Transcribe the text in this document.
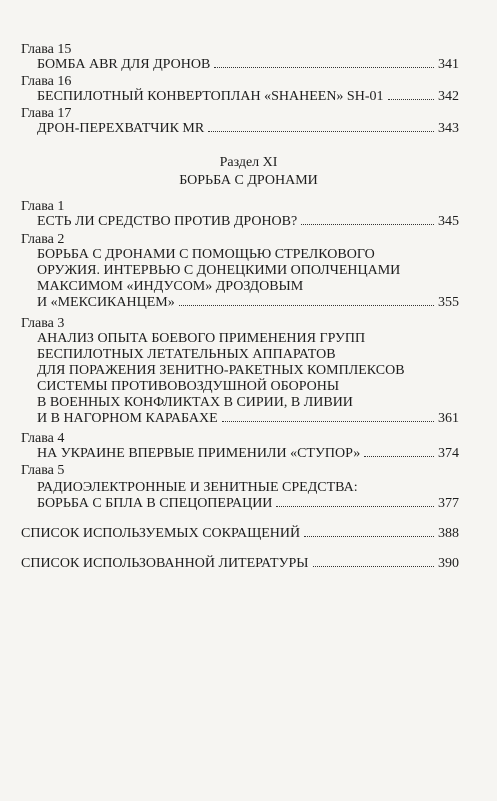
Глава 15
БОМБА ABR ДЛЯ ДРОНОВ	341
Глава 16
БЕСПИЛОТНЫЙ КОНВЕРТОПЛАН «SHAHEEN» SH-01	342
Глава 17
ДРОН-ПЕРЕХВАТЧИК MR	343
Раздел XI
БОРЬБА С ДРОНАМИ
Глава 1
ЕСТЬ ЛИ СРЕДСТВО ПРОТИВ ДРОНОВ?	345
Глава 2
БОРЬБА С ДРОНАМИ С ПОМОЩЬЮ СТРЕЛКОВОГО
ОРУЖИЯ. ИНТЕРВЬЮ С ДОНЕЦКИМИ ОПОЛЧЕНЦАМИ
МАКСИМОМ «ИНДУСОМ» ДРОЗДОВЫМ
И «МЕКСИКАНЦЕМ»	355
Глава 3
АНАЛИЗ ОПЫТА БОЕВОГО ПРИМЕНЕНИЯ ГРУПП
БЕСПИЛОТНЫХ ЛЕТАТЕЛЬНЫХ АППАРАТОВ
ДЛЯ ПОРАЖЕНИЯ ЗЕНИТНО-РАКЕТНЫХ КОМПЛЕКСОВ
СИСТЕМЫ ПРОТИВОВОЗДУШНОЙ ОБОРОНЫ
В ВОЕННЫХ КОНФЛИКТАХ В СИРИИ, В ЛИВИИ
И В НАГОРНОМ КАРАБАХЕ	361
Глава 4
НА УКРАИНЕ ВПЕРВЫЕ ПРИМЕНИЛИ «СТУПОР»	374
Глава 5
РАДИОЭЛЕКТРОННЫЕ И ЗЕНИТНЫЕ СРЕДСТВА:
БОРЬБА С БПЛА В СПЕЦОПЕРАЦИИ	377
СПИСОК ИСПОЛЬЗУЕМЫХ СОКРАЩЕНИЙ	388
СПИСОК ИСПОЛЬЗОВАННОЙ ЛИТЕРАТУРЫ	390
